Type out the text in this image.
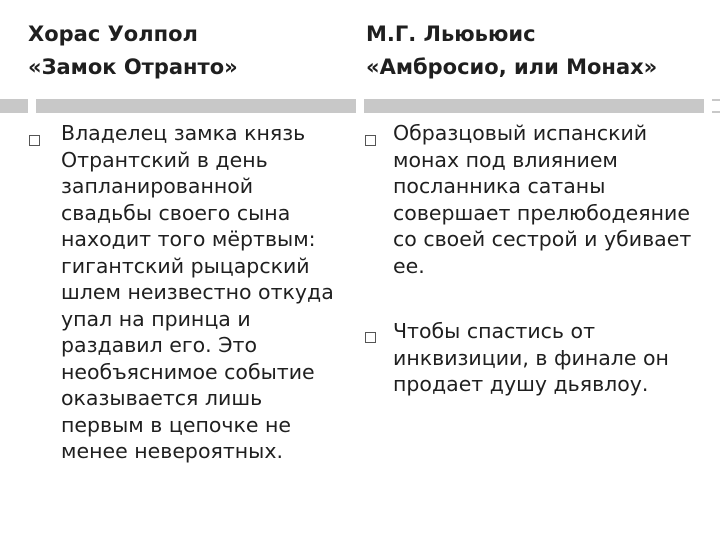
Хорас Уолпол
«Замок Отранто»
М.Г. Льюьюис
«Амбросио, или Монах»
Владелец замка князь
Отрантский в день
запланированной
свадьбы своего сына
находит того мёртвым:
гигантский рыцарский
шлем неизвестно откуда
упал на принца и
раздавил его. Это
необъяснимое событие
оказывается лишь
первым в цепочке не
менее невероятных.
Образцовый испанский
монах под влиянием
посланника сатаны
совершает прелюбодеяние
со своей сестрой и убивает
ее.
Чтобы спастись от
инквизиции, в финале он
продает душу дьявлоу.
